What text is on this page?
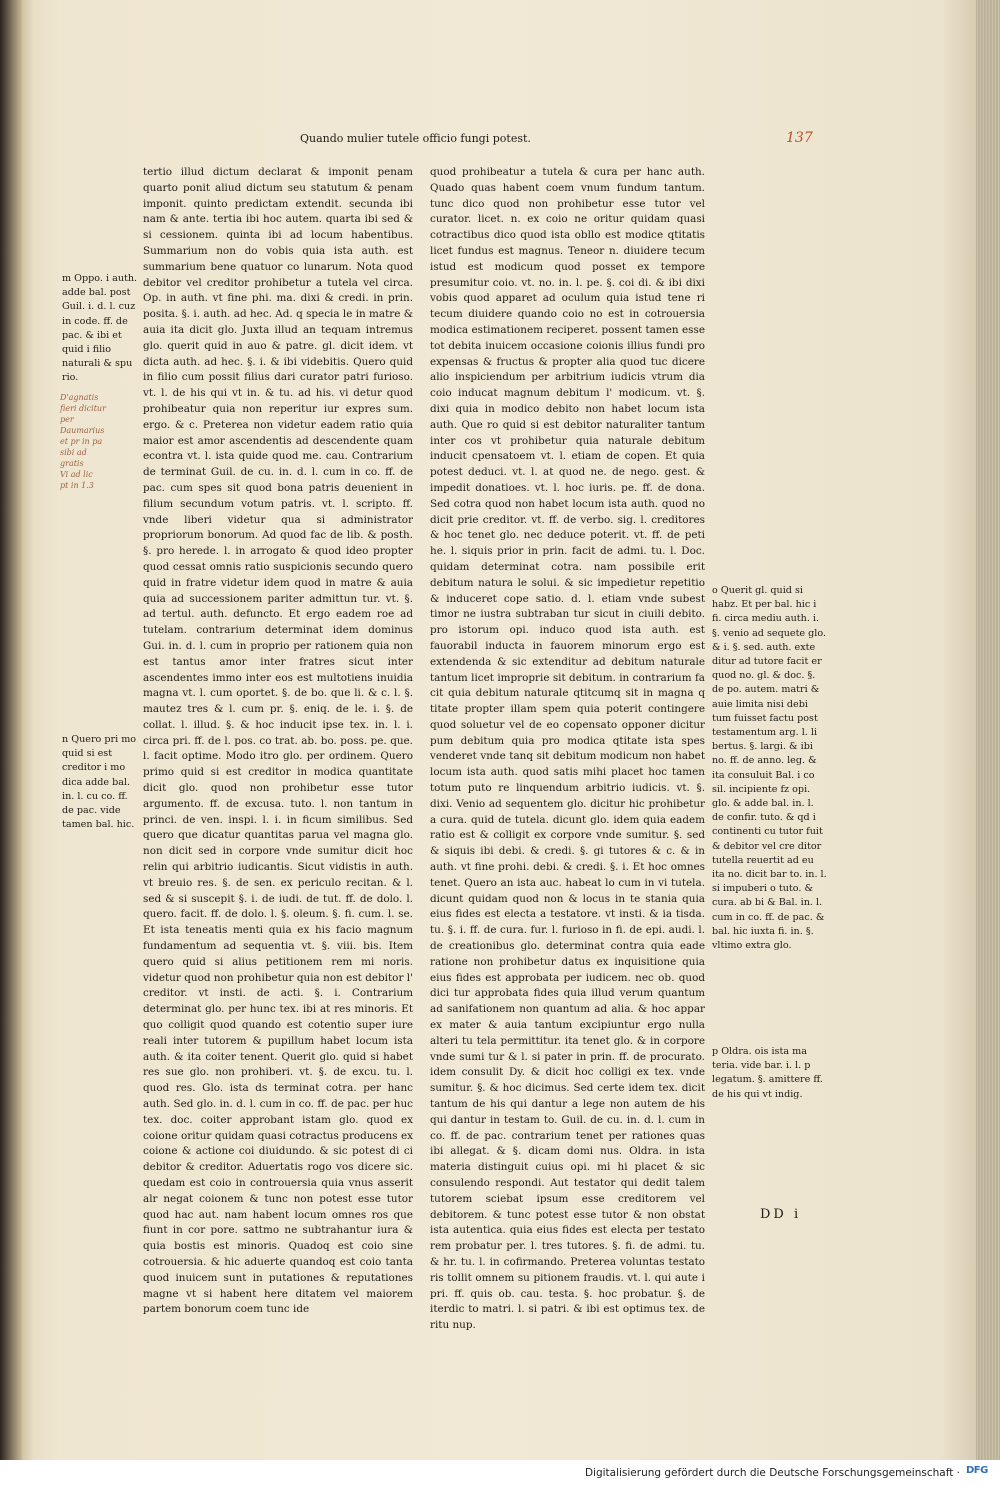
Quando mulier tutele officio fungi potest.	137
m Oppo. i auth. adde bal. post Guil. i. d. l. cuz in code. ff. de pac. & ibi et quid i filio naturali & spu rio.
D'agnatis
fieri dicitur
per Daumarius
et pr in pa
sibi ad
gratis
Vi ad lic
pt in 1.3
n Quero pri mo quid si est creditor i mo dica adde bal. in. l. cu co. ff. de pac. vide tamen bal. hic.
tertio illud dictum declarat & imponit penam quarto ponit aliud dictum seu statutum & penam imponit. quinto predictam extendit. secunda ibi nam & ante. tertia ibi hoc autem. quarta ibi sed & si cessionem. quinta ibi ad locum habentibus. Summarium non do vobis quia ista auth. est summarium bene quatuor co lunarum. Nota quod debitor vel creditor prohibetur a tutela vel circa. Op. in auth. vt fine phi. ma. dixi & credi. in prin. posita. §. i. auth. ad hec. Ad. q specia le in matre & auia ita dicit glo. Juxta illud an tequam intremus glo. querit quid in auo & patre. gl. dicit idem. vt dicta auth. ad hec. §. i. & ibi videbitis. Quero quid in filio cum possit filius dari curator patri furioso. vt. l. de his qui vt in. & tu. ad his. vi detur quod prohibeatur quia non reperitur iur expres sum. ergo. & c. Preterea non videtur eadem ratio quia maior est amor ascendentis ad descendente quam econtra vt. l. ista quide quod me. cau. Contrarium de terminat Guil. de cu. in. d. l. cum in co. ff. de pac. cum spes sit quod bona patris deuenient in filium secundum votum patris. vt. l. scripto. ff. vnde liberi videtur qua si administrator propriorum bonorum. Ad quod fac de lib. & posth. §. pro herede. l. in arrogato & quod ideo propter quod cessat omnis ratio suspicionis secundo quero quid in fratre videtur idem quod in matre & auia quia ad successionem pariter admittun tur. vt. §. ad tertul. auth. defuncto. Et ergo eadem roe ad tutelam. contrarium determinat idem dominus Gui. in. d. l. cum in proprio per rationem quia non est tantus amor inter fratres sicut inter ascendentes immo inter eos est multotiens inuidia magna vt. l. cum oportet. §. de bo. que li. & c. l. §. mautez tres & l. cum pr. §. eniq. de le. i. §. de collat. l. illud. §. & hoc inducit ipse tex. in. l. i. circa pri. ff. de l. pos. co trat. ab. bo. poss. pe. que. l. facit optime. Modo itro glo. per ordinem. Quero primo quid si est creditor in modica quantitate dicit glo. quod non prohibetur esse tutor argumento. ff. de excusa. tuto. l. non tantum in princi. de ven. inspi. l. i. in ficum similibus. Sed quero que dicatur quantitas parua vel magna glo. non dicit sed in corpore vnde sumitur dicit hoc relin qui arbitrio iudicantis. Sicut vidistis in auth. vt breuio res. §. de sen. ex periculo recitan. & l. sed & si suscepit §. i. de iudi. de tut. ff. de dolo. l. quero. facit. ff. de dolo. l. §. oleum. §. fi. cum. l. se. Et ista teneatis menti quia ex his facio magnum fundamentum ad sequentia vt. §. viii. bis. Item quero quid si alius petitionem rem mi noris. videtur quod non prohibetur quia non est debitor l' creditor. vt insti. de acti. §. i. Contrarium determinat glo. per hunc tex. ibi at res minoris. Et quo colligit quod quando est cotentio super iure reali inter tutorem & pupillum habet locum ista auth. & ita coiter tenent. Querit glo. quid si habet res sue glo. non prohiberi. vt. §. de excu. tu. l. quod res. Glo. ista ds terminat cotra. per hanc auth. Sed glo. in. d. l. cum in co. ff. de pac. per huc tex. doc. coiter approbant istam glo. quod ex coione oritur quidam quasi cotractus producens ex coione & actione coi diuidundo. & sic potest di ci debitor & creditor. Aduertatis rogo vos dicere sic. quedam est coio in controuersia quia vnus asserit alr negat coionem & tunc non potest esse tutor quod hac aut. nam habent locum omnes ros que fiunt in cor pore. sattmo ne subtrahantur iura & quia bostis est minoris. Quadoq est coio sine cotrouersia. & hic aduerte quandoq est coio tanta quod inuicem sunt in putationes & reputationes magne vt si habent here ditatem vel maiorem partem bonorum coem tunc ide
quod prohibeatur a tutela & cura per hanc auth. Quado quas habent coem vnum fundum tantum. tunc dico quod non prohibetur esse tutor vel curator. licet. n. ex coio ne oritur quidam quasi cotractibus dico quod ista obllo est modice qtitatis licet fundus est magnus. Teneor n. diuidere tecum istud est modicum quod posset ex tempore presumitur coio. vt. no. in. l. pe. §. coi di. & ibi dixi vobis quod apparet ad oculum quia istud tene ri tecum diuidere quando coio no est in cotrouersia modica estimationem reciperet. possent tamen esse tot debita inuicem occasione coionis illius fundi pro expensas & fructus & propter alia quod tuc dicere alio inspiciendum per arbitrium iudicis vtrum dia coio inducat magnum debitum l' modicum. vt. §. dixi quia in modico debito non habet locum ista auth. Que ro quid si est debitor naturaliter tantum inter cos vt prohibetur quia naturale debitum inducit cpensatoem vt. l. etiam de copen. Et quia potest deduci. vt. l. at quod ne. de nego. gest. & impedit donatioes. vt. l. hoc iuris. pe. ff. de dona. Sed cotra quod non habet locum ista auth. quod no dicit prie creditor. vt. ff. de verbo. sig. l. creditores & hoc tenet glo. nec deduce poterit. vt. ff. de peti he. l. siquis prior in prin. facit de admi. tu. l. Doc. quidam determinat cotra. nam possibile erit debitum natura le solui. & sic impedietur repetitio & induceret cope satio. d. l. etiam vnde subest timor ne iustra subtraban tur sicut in ciuili debito. pro istorum opi. induco quod ista auth. est fauorabil inducta in fauorem minorum ergo est extendenda & sic extenditur ad debitum naturale tantum licet improprie sit debitum. in contrarium fa cit quia debitum naturale qtitcumq sit in magna q titate propter illam spem quia poterit contingere quod soluetur vel de eo copensato opponer dicitur pum debitum quia pro modica qtitate ista spes venderet vnde tanq sit debitum modicum non habet locum ista auth. quod satis mihi placet hoc tamen totum puto re linquendum arbitrio iudicis. vt. §. dixi. Venio ad sequentem glo. dicitur hic prohibetur a cura. quid de tutela. dicunt glo. idem quia eadem ratio est & colligit ex corpore vnde sumitur. §. sed & siquis ibi debi. & credi. §. gi tutores & c. & in auth. vt fine prohi. debi. & credi. §. i. Et hoc omnes tenet. Quero an ista auc. habeat lo cum in vi tutela. dicunt quidam quod non & locus in te stania quia eius fides est electa a testatore. vt insti. & ia tisda. tu. §. i. ff. de cura. fur. l. furioso in fi. de epi. audi. l. de creationibus glo. determinat contra quia eade ratione non prohibetur datus ex inquisitione quia eius fides est approbata per iudicem. nec ob. quod dici tur approbata fides quia illud verum quantum ad sanifationem non quantum ad alia. & hoc appar ex mater & auia tantum excipiuntur ergo nulla alteri tu tela permittitur. ita tenet glo. & in corpore vnde sumi tur & l. si pater in prin. ff. de procurato. idem consulit Dy. & dicit hoc colligi ex tex. vnde sumitur. §. & hoc dicimus. Sed certe idem tex. dicit tantum de his qui dantur a lege non autem de his qui dantur in testam to. Guil. de cu. in. d. l. cum in co. ff. de pac. contrarium tenet per rationes quas ibi allegat. & §. dicam domi nus. Oldra. in ista materia distinguit cuius opi. mi hi placet & sic consulendo respondi. Aut testator qui dedit talem tutorem sciebat ipsum esse creditorem vel debitorem. & tunc potest esse tutor & non obstat ista autentica. quia eius fides est electa per testato rem probatur per. l. tres tutores. §. fi. de admi. tu. & hr. tu. l. in cofirmando. Preterea voluntas testato ris tollit omnem su pitionem fraudis. vt. l. qui aute i pri. ff. quis ob. cau. testa. §. hoc probatur. §. de iterdic to matri. l. si patri. & ibi est optimus tex. de ritu nup.
o Querit gl. quid si habz. Et per bal. hic i fi. circa mediu auth. i. §. venio ad sequete glo. & i. §. sed. auth. exte ditur ad tutore facit er quod no. gl. & doc. §. de po. autem. matri & auie limita nisi debi tum fuisset factu post testamentum arg. l. li bertus. §. largi. & ibi no. ff. de anno. leg. & ita consuluit Bal. i co sil. incipiente fz opi. glo. & adde bal. in. l. de confir. tuto. & qd i continenti cu tutor fuit & debitor vel cre ditor tutella reuertit ad eu ita no. dicit bar to. in. l. si impuberi o tuto. & cura. ab bi & Bal. in. l. cum in co. ff. de pac. & bal. hic iuxta fi. in. §. vltimo extra glo.
p Oldra. ois ista ma teria. vide bar. i. l. p legatum. §. amittere ff. de his qui vt indig.
DD i
Digitalisierung gefördert durch die Deutsche Forschungsgemeinschaft · DFG
